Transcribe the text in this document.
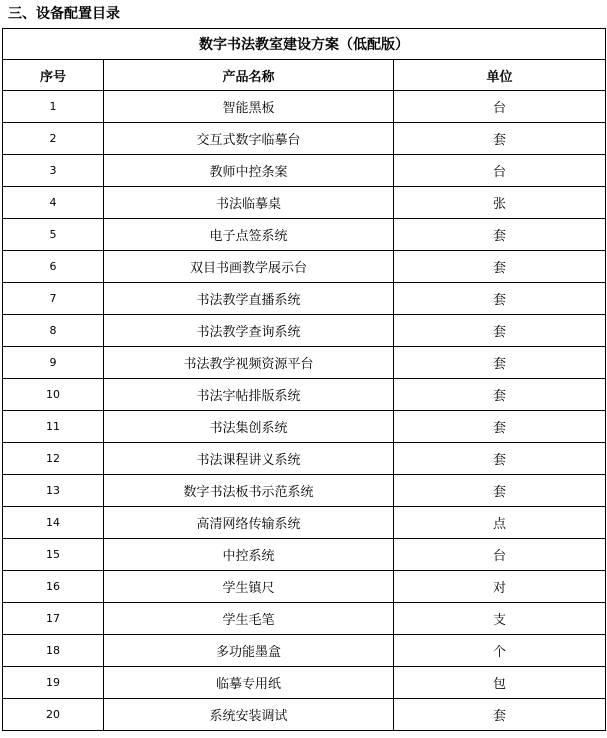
三、设备配置目录
数字书法教室建设方案（低配版）		
序号	产品名称	单位
1	智能黑板	台
2	交互式数字临摹台	套
3	教师中控条案	台
4	书法临摹桌	张
5	电子点签系统	套
6	双目书画教学展示台	套
7	书法教学直播系统	套
8	书法教学查询系统	套
9	书法教学视频资源平台	套
10	书法字帖排版系统	套
11	书法集创系统	套
12	书法课程讲义系统	套
13	数字书法板书示范系统	套
14	高清网络传输系统	点
15	中控系统	台
16	学生镇尺	对
17	学生毛笔	支
18	多功能墨盒	个
19	临摹专用纸	包
20	系统安装调试	套
